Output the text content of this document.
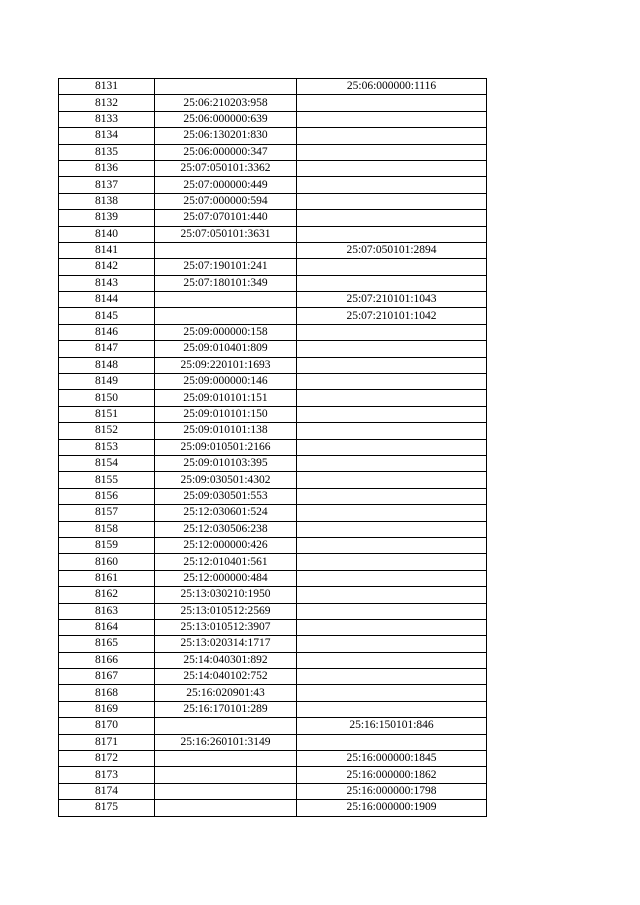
8131		25:06:000000:1116
8132	25:06:210203:958	
8133	25:06:000000:639	
8134	25:06:130201:830	
8135	25:06:000000:347	
8136	25:07:050101:3362	
8137	25:07:000000:449	
8138	25:07:000000:594	
8139	25:07:070101:440	
8140	25:07:050101:3631	
8141		25:07:050101:2894
8142	25:07:190101:241	
8143	25:07:180101:349	
8144		25:07:210101:1043
8145		25:07:210101:1042
8146	25:09:000000:158	
8147	25:09:010401:809	
8148	25:09:220101:1693	
8149	25:09:000000:146	
8150	25:09:010101:151	
8151	25:09:010101:150	
8152	25:09:010101:138	
8153	25:09:010501:2166	
8154	25:09:010103:395	
8155	25:09:030501:4302	
8156	25:09:030501:553	
8157	25:12:030601:524	
8158	25:12:030506:238	
8159	25:12:000000:426	
8160	25:12:010401:561	
8161	25:12:000000:484	
8162	25:13:030210:1950	
8163	25:13:010512:2569	
8164	25:13:010512:3907	
8165	25:13:020314:1717	
8166	25:14:040301:892	
8167	25:14:040102:752	
8168	25:16:020901:43	
8169	25:16:170101:289	
8170		25:16:150101:846
8171	25:16:260101:3149	
8172		25:16:000000:1845
8173		25:16:000000:1862
8174		25:16:000000:1798
8175		25:16:000000:1909
